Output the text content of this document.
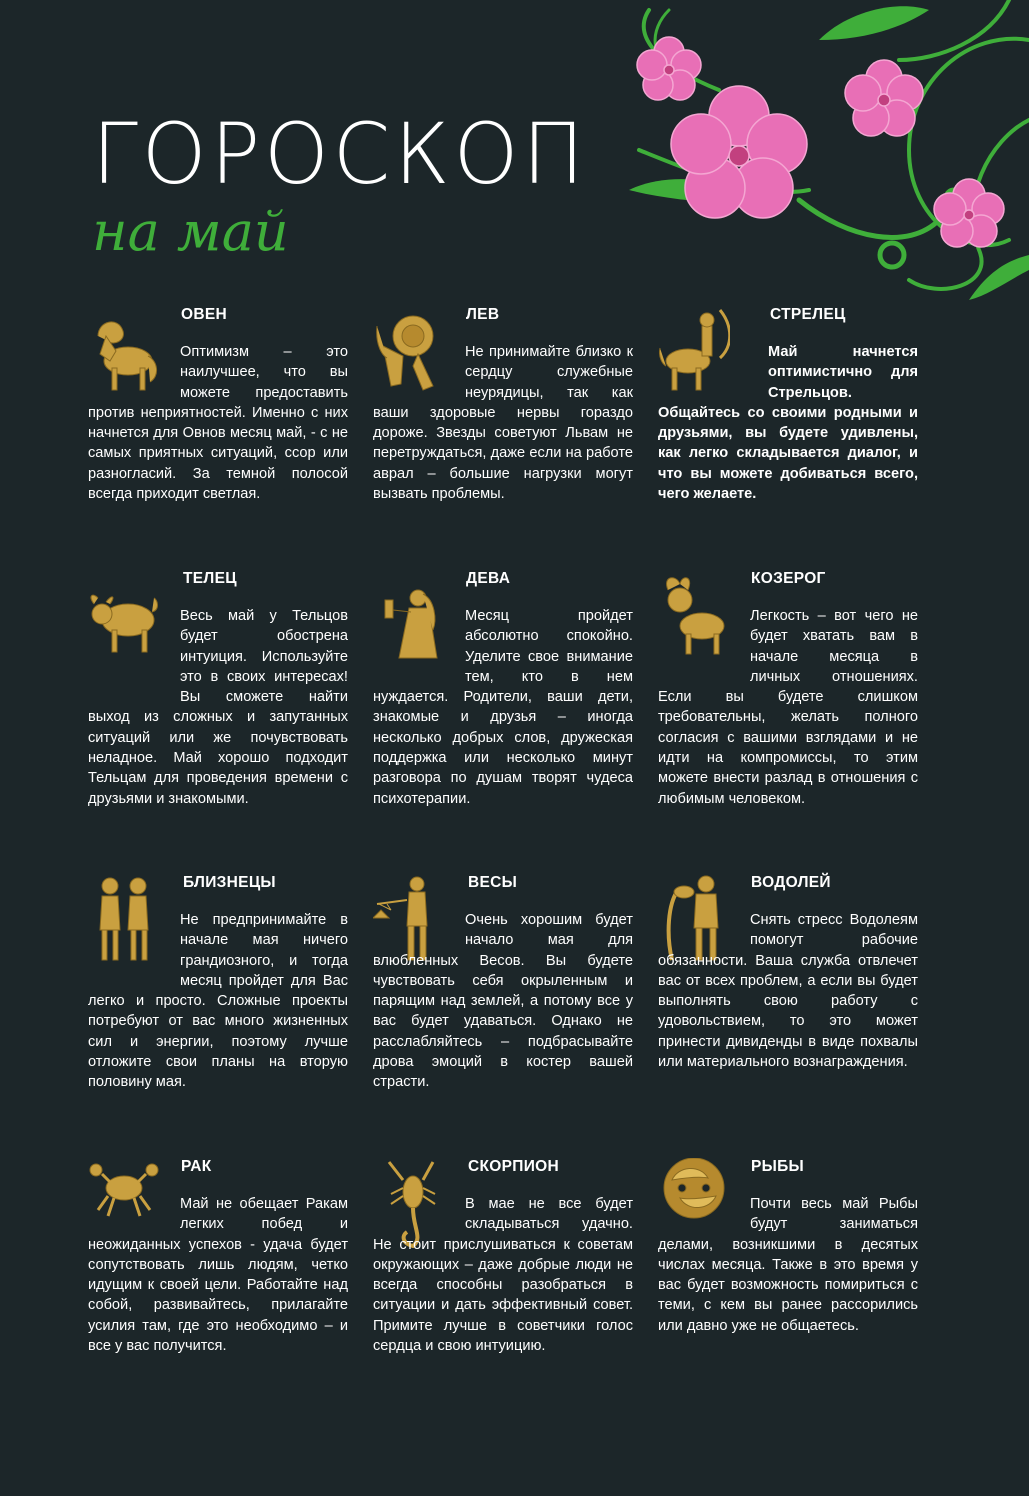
ГОРОСКОП
на май
ОВЕН
Оптимизм – это наилучшее, что вы можете предоставить против неприятностей. Именно с них начнется для Овнов месяц май, - с не самых приятных ситуаций, ссор или разногласий. За темной полосой всегда приходит светлая.
ЛЕВ
Не принимайте близко к сердцу служебные неурядицы, так как ваши здоровые нервы гораздо дороже. Звезды советуют Львам не перетруждаться, даже если на работе аврал – большие нагрузки могут вызвать проблемы.
СТРЕЛЕЦ
Май начнется оптимистично для Стрельцов. Общайтесь со своими родными и друзьями, вы будете удивлены, как легко складывается диалог, и что вы можете добиваться всего, чего желаете.
ТЕЛЕЦ
Весь май у Тельцов будет обострена интуиция. Используйте это в своих интересах! Вы сможете найти выход из сложных и запутанных ситуаций или же почувствовать неладное. Май хорошо подходит Тельцам для проведения времени с друзьями и знакомыми.
ДЕВА
Месяц пройдет абсолютно спокойно. Уделите свое внимание тем, кто в нем нуждается. Родители, ваши дети, знакомые и друзья – иногда несколько добрых слов, дружеская поддержка или несколько минут разговора по душам творят чудеса психотерапии.
КОЗЕРОГ
Легкость – вот чего не будет хватать вам в начале месяца в личных отношениях. Если вы будете слишком требовательны, желать полного согласия с вашими взглядами и не идти на компромиссы, то этим можете внести разлад в отношения с любимым человеком.
БЛИЗНЕЦЫ
Не предпринимайте в начале мая ничего грандиозного, и тогда месяц пройдет для Вас легко и просто. Сложные проекты потребуют от вас много жизненных сил и энергии, поэтому лучше отложите свои планы на вторую половину мая.
ВЕСЫ
Очень хорошим будет начало мая для влюбленных Весов. Вы будете чувствовать себя окрыленным и парящим над землей, а потому все у вас будет удаваться. Однако не расслабляйтесь – подбрасывайте дрова эмоций в костер вашей страсти.
ВОДОЛЕЙ
Снять стресс Водолеям помогут рабочие обязанности. Ваша служба отвлечет вас от всех проблем, а если вы будет выполнять свою работу с удовольствием, то это может принести дивиденды в виде похвалы или материального вознаграждения.
РАК
Май не обещает Ракам легких побед и неожиданных успехов - удача будет сопутствовать лишь людям, четко идущим к своей цели. Работайте над собой, развивайтесь, прилагайте усилия там, где это необходимо – и все у вас получится.
СКОРПИОН
В мае не все будет складываться удачно. Не стоит прислушиваться к советам окружающих – даже добрые люди не всегда способны разобраться в ситуации и дать эффективный совет. Примите лучше в советчики голос сердца и свою интуицию.
РЫБЫ
Почти весь май Рыбы будут заниматься делами, возникшими в десятых числах месяца. Также в это время у вас будет возможность помириться с теми, с кем вы ранее рассорились или давно уже не общаетесь.
